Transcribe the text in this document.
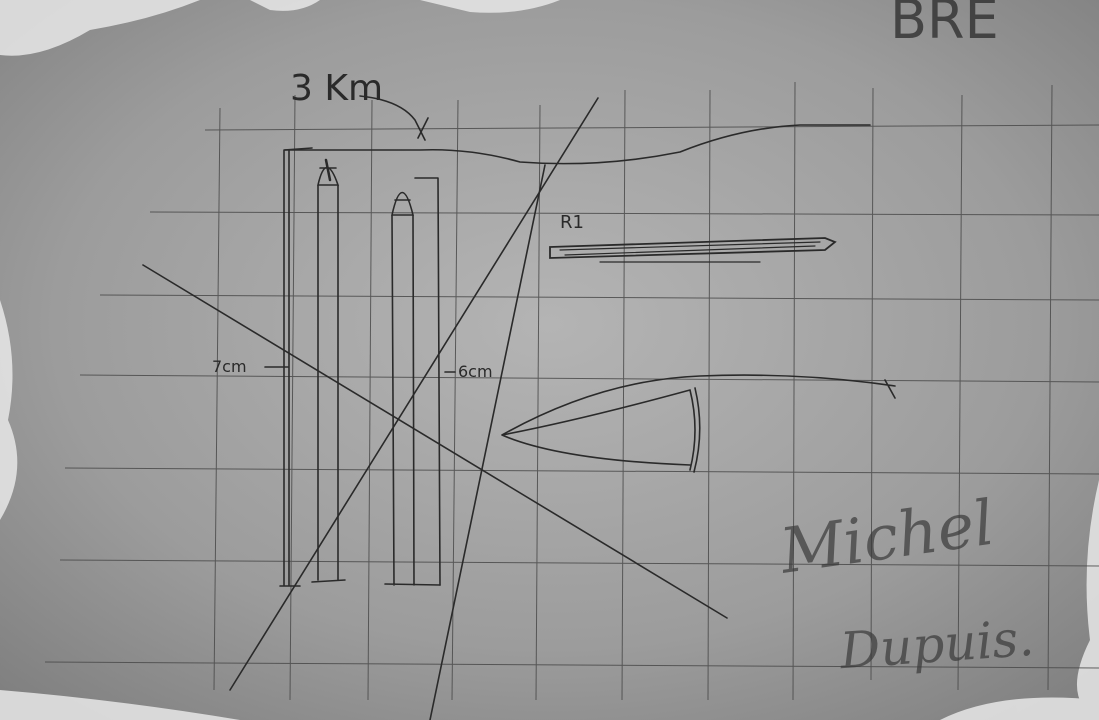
BRE
3 Km
7cm	6cm
R1
Michel
Dupuis.
